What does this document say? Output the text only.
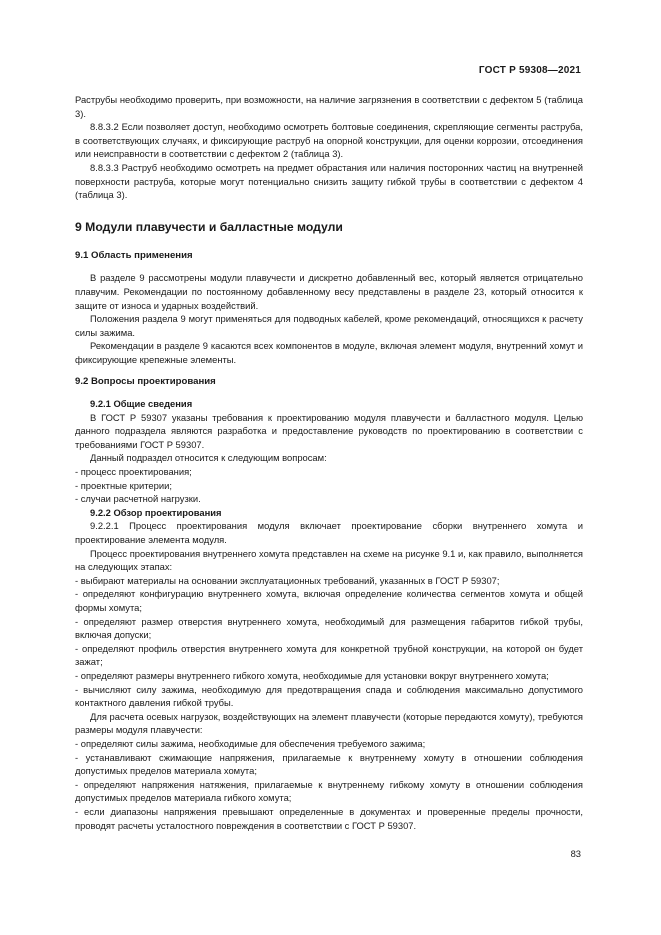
ГОСТ Р 59308—2021

Раструбы необходимо проверить, при возможности, на наличие загрязнения в соответствии с дефектом 5 (таблица 3).

8.8.3.2 Если позволяет доступ, необходимо осмотреть болтовые соединения, скрепляющие сегменты раструба, в соответствующих случаях, и фиксирующие раструб на опорной конструкции, для оценки коррозии, отсоединения или неисправности в соответствии с дефектом 2 (таблица 3).

8.8.3.3 Раструб необходимо осмотреть на предмет обрастания или наличия посторонних частиц на внутренней поверхности раструба, которые могут потенциально снизить защиту гибкой трубы в соответствии с дефектом 4 (таблица 3).

9 Модули плавучести и балластные модули
9.1 Область применения

В разделе 9 рассмотрены модули плавучести и дискретно добавленный вес, который является отрицательно плавучим. Рекомендации по постоянному добавленному весу представлены в разделе 23, который относится к защите от износа и ударных воздействий.

Положения раздела 9 могут применяться для подводных кабелей, кроме рекомендаций, относящихся к расчету силы зажима.

Рекомендации в разделе 9 касаются всех компонентов в модуле, включая элемент модуля, внутренний хомут и фиксирующие крепежные элементы.

9.2 Вопросы проектирования
9.2.1 Общие сведения

В ГОСТ Р 59307 указаны требования к проектированию модуля плавучести и балластного модуля. Целью данного подраздела являются разработка и предоставление руководств по проектированию в соответствии с требованиями ГОСТ Р 59307.

Данный подраздел относится к следующим вопросам:

- процесс проектирования;

- проектные критерии;

- случаи расчетной нагрузки.

9.2.2 Обзор проектирования

9.2.2.1 Процесс проектирования модуля включает проектирование сборки внутреннего хомута и проектирование элемента модуля.

Процесс проектирования внутреннего хомута представлен на схеме на рисунке 9.1 и, как правило, выполняется на следующих этапах:

- выбирают материалы на основании эксплуатационных требований, указанных в ГОСТ Р 59307;

- определяют конфигурацию внутреннего хомута, включая определение количества сегментов хомута и общей формы хомута;

- определяют размер отверстия внутреннего хомута, необходимый для размещения габаритов гибкой трубы, включая допуски;

- определяют профиль отверстия внутреннего хомута для конкретной трубной конструкции, на которой он будет зажат;

- определяют размеры внутреннего гибкого хомута, необходимые для установки вокруг внутреннего хомута;

- вычисляют силу зажима, необходимую для предотвращения спада и соблюдения максимально допустимого контактного давления гибкой трубы.

Для расчета осевых нагрузок, воздействующих на элемент плавучести (которые передаются хомуту), требуются размеры модуля плавучести:

- определяют силы зажима, необходимые для обеспечения требуемого зажима;

- устанавливают сжимающие напряжения, прилагаемые к внутреннему хомуту в отношении соблюдения допустимых пределов материала хомута;

- определяют напряжения натяжения, прилагаемые к внутреннему гибкому хомуту в отношении соблюдения допустимых пределов материала гибкого хомута;

- если диапазоны напряжения превышают определенные в документах и проверенные пределы прочности, проводят расчеты усталостного повреждения в соответствии с ГОСТ Р 59307.

83
